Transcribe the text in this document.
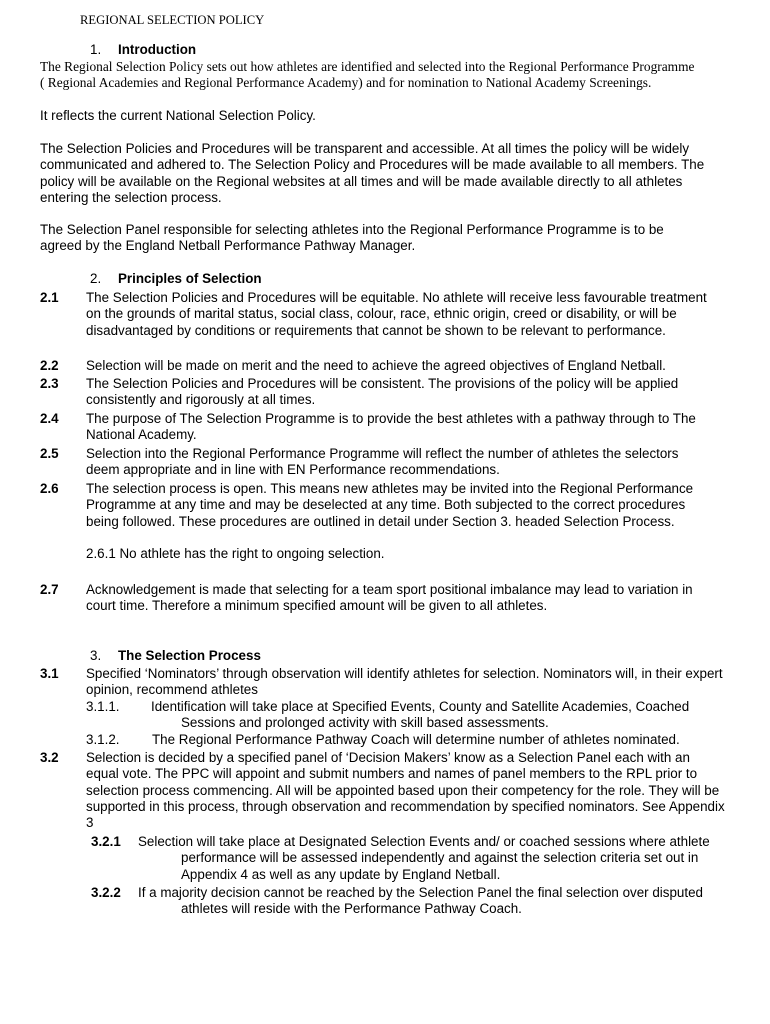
REGIONAL SELECTION POLICY
1. Introduction
The Regional Selection Policy sets out how athletes are identified and selected into the Regional Performance Programme ( Regional Academies and Regional Performance Academy) and for nomination to National Academy Screenings.
It reflects the current National Selection Policy.
The Selection Policies and Procedures will be transparent and accessible. At all times the policy will be widely communicated and adhered to. The Selection Policy and Procedures will be made available to all members. The policy will be available on the Regional websites at all times and will be made available directly to all athletes entering the selection process.
The Selection Panel responsible for selecting athletes into the Regional Performance Programme is to be agreed by the England Netball Performance Pathway Manager.
2. Principles of Selection
2.1 The Selection Policies and Procedures will be equitable. No athlete will receive less favourable treatment on the grounds of marital status, social class, colour, race, ethnic origin, creed or disability, or will be disadvantaged by conditions or requirements that cannot be shown to be relevant to performance.
2.2 Selection will be made on merit and the need to achieve the agreed objectives of England Netball.
2.3 The Selection Policies and Procedures will be consistent. The provisions of the policy will be applied consistently and rigorously at all times.
2.4 The purpose of The Selection Programme is to provide the best athletes with a pathway through to The National Academy.
2.5 Selection into the Regional Performance Programme will reflect the number of athletes the selectors deem appropriate and in line with EN Performance recommendations.
2.6 The selection process is open. This means new athletes may be invited into the Regional Performance Programme at any time and may be deselected at any time. Both subjected to the correct procedures being followed. These procedures are outlined in detail under Section 3. headed Selection Process.
2.6.1 No athlete has the right to ongoing selection.
2.7 Acknowledgement is made that selecting for a team sport positional imbalance may lead to variation in court time. Therefore a minimum specified amount will be given to all athletes.
3. The Selection Process
3.1 Specified ‘Nominators’ through observation will identify athletes for selection. Nominators will, in their expert opinion, recommend athletes
3.1.1. Identification will take place at Specified Events, County and Satellite Academies, Coached Sessions and prolonged activity with skill based assessments.
3.1.2. The Regional Performance Pathway Coach will determine number of athletes nominated.
3.2 Selection is decided by a specified panel of ‘Decision Makers’ know as a Selection Panel each with an equal vote. The PPC will appoint and submit numbers and names of panel members to the RPL prior to selection process commencing. All will be appointed based upon their competency for the role. They will be supported in this process, through observation and recommendation by specified nominators. See Appendix 3
3.2.1 Selection will take place at Designated Selection Events and/ or coached sessions where athlete performance will be assessed independently and against the selection criteria set out in Appendix 4 as well as any update by England Netball.
3.2.2 If a majority decision cannot be reached by the Selection Panel the final selection over disputed athletes will reside with the Performance Pathway Coach.
